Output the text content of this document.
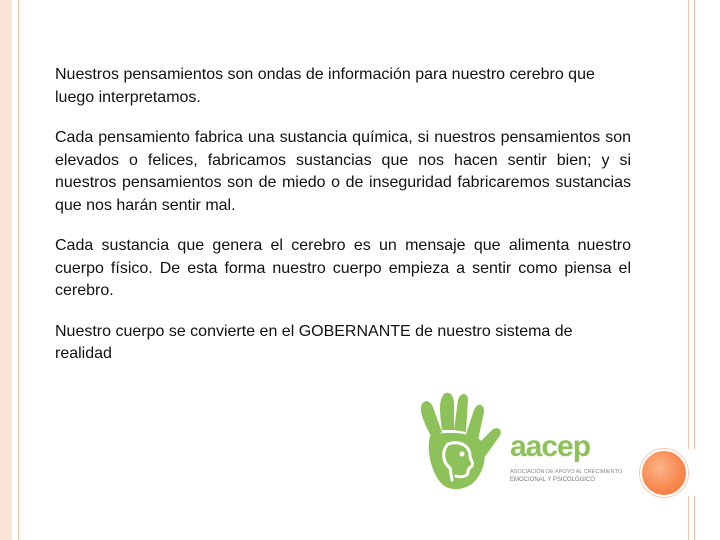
Nuestros pensamientos son ondas de información para nuestro cerebro que luego interpretamos.

Cada pensamiento fabrica una sustancia química, si nuestros pensamientos son elevados o felices, fabricamos sustancias que nos hacen sentir bien; y si nuestros pensamientos son de miedo o de inseguridad fabricaremos sustancias que nos harán sentir mal.

Cada sustancia que genera el cerebro es un mensaje que alimenta nuestro cuerpo físico. De esta forma nuestro cuerpo empieza a sentir como piensa el cerebro.

Nuestro cuerpo se convierte en el GOBERNANTE de nuestro sistema de realidad

aacep
ASOCIACIÓN DE APOYO AL CRECIMIENTO
EMOCIONAL Y PSICOLÓGICO
